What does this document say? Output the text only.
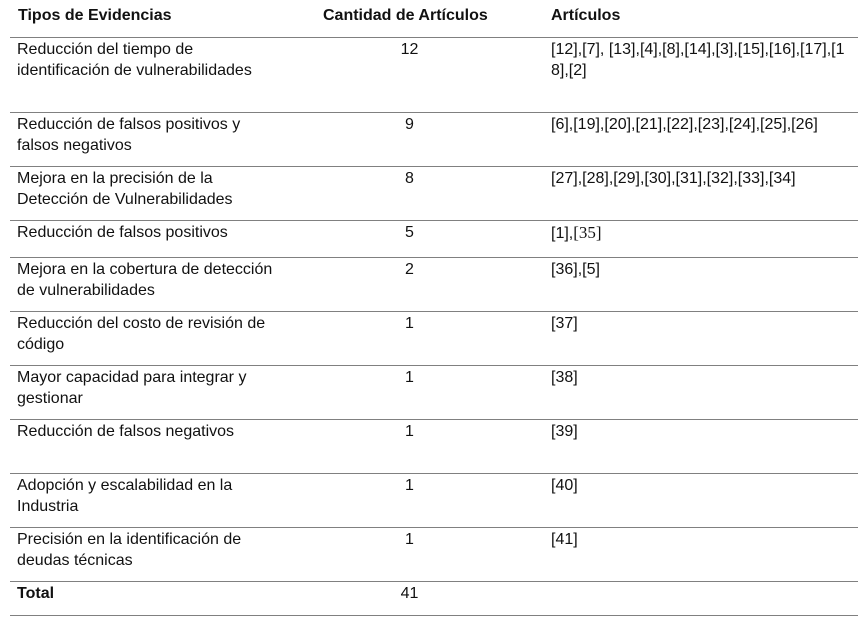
Tipos de Evidencias	Cantidad de Artículos	Artículos
Reducción del tiempo de identificación de vulnerabilidades	12	[12],[7], [13],[4],[8],[14],[3],[15],[16],[17],[18],[2]
Reducción de falsos positivos y falsos negativos	9	[6],[19],[20],[21],[22],[23],[24],[25],[26]
Mejora en la precisión de la Detección de Vulnerabilidades	8	[27],[28],[29],[30],[31],[32],[33],[34]
Reducción de falsos positivos	5	[1],[35]
Mejora en la cobertura de detección de vulnerabilidades	2	[36],[5]
Reducción del costo de revisión de código	1	[37]
Mayor capacidad para integrar y gestionar	1	[38]
Reducción de falsos negativos	1	[39]
Adopción y escalabilidad en la Industria	1	[40]
Precisión en la identificación de deudas técnicas	1	[41]
Total	41	
